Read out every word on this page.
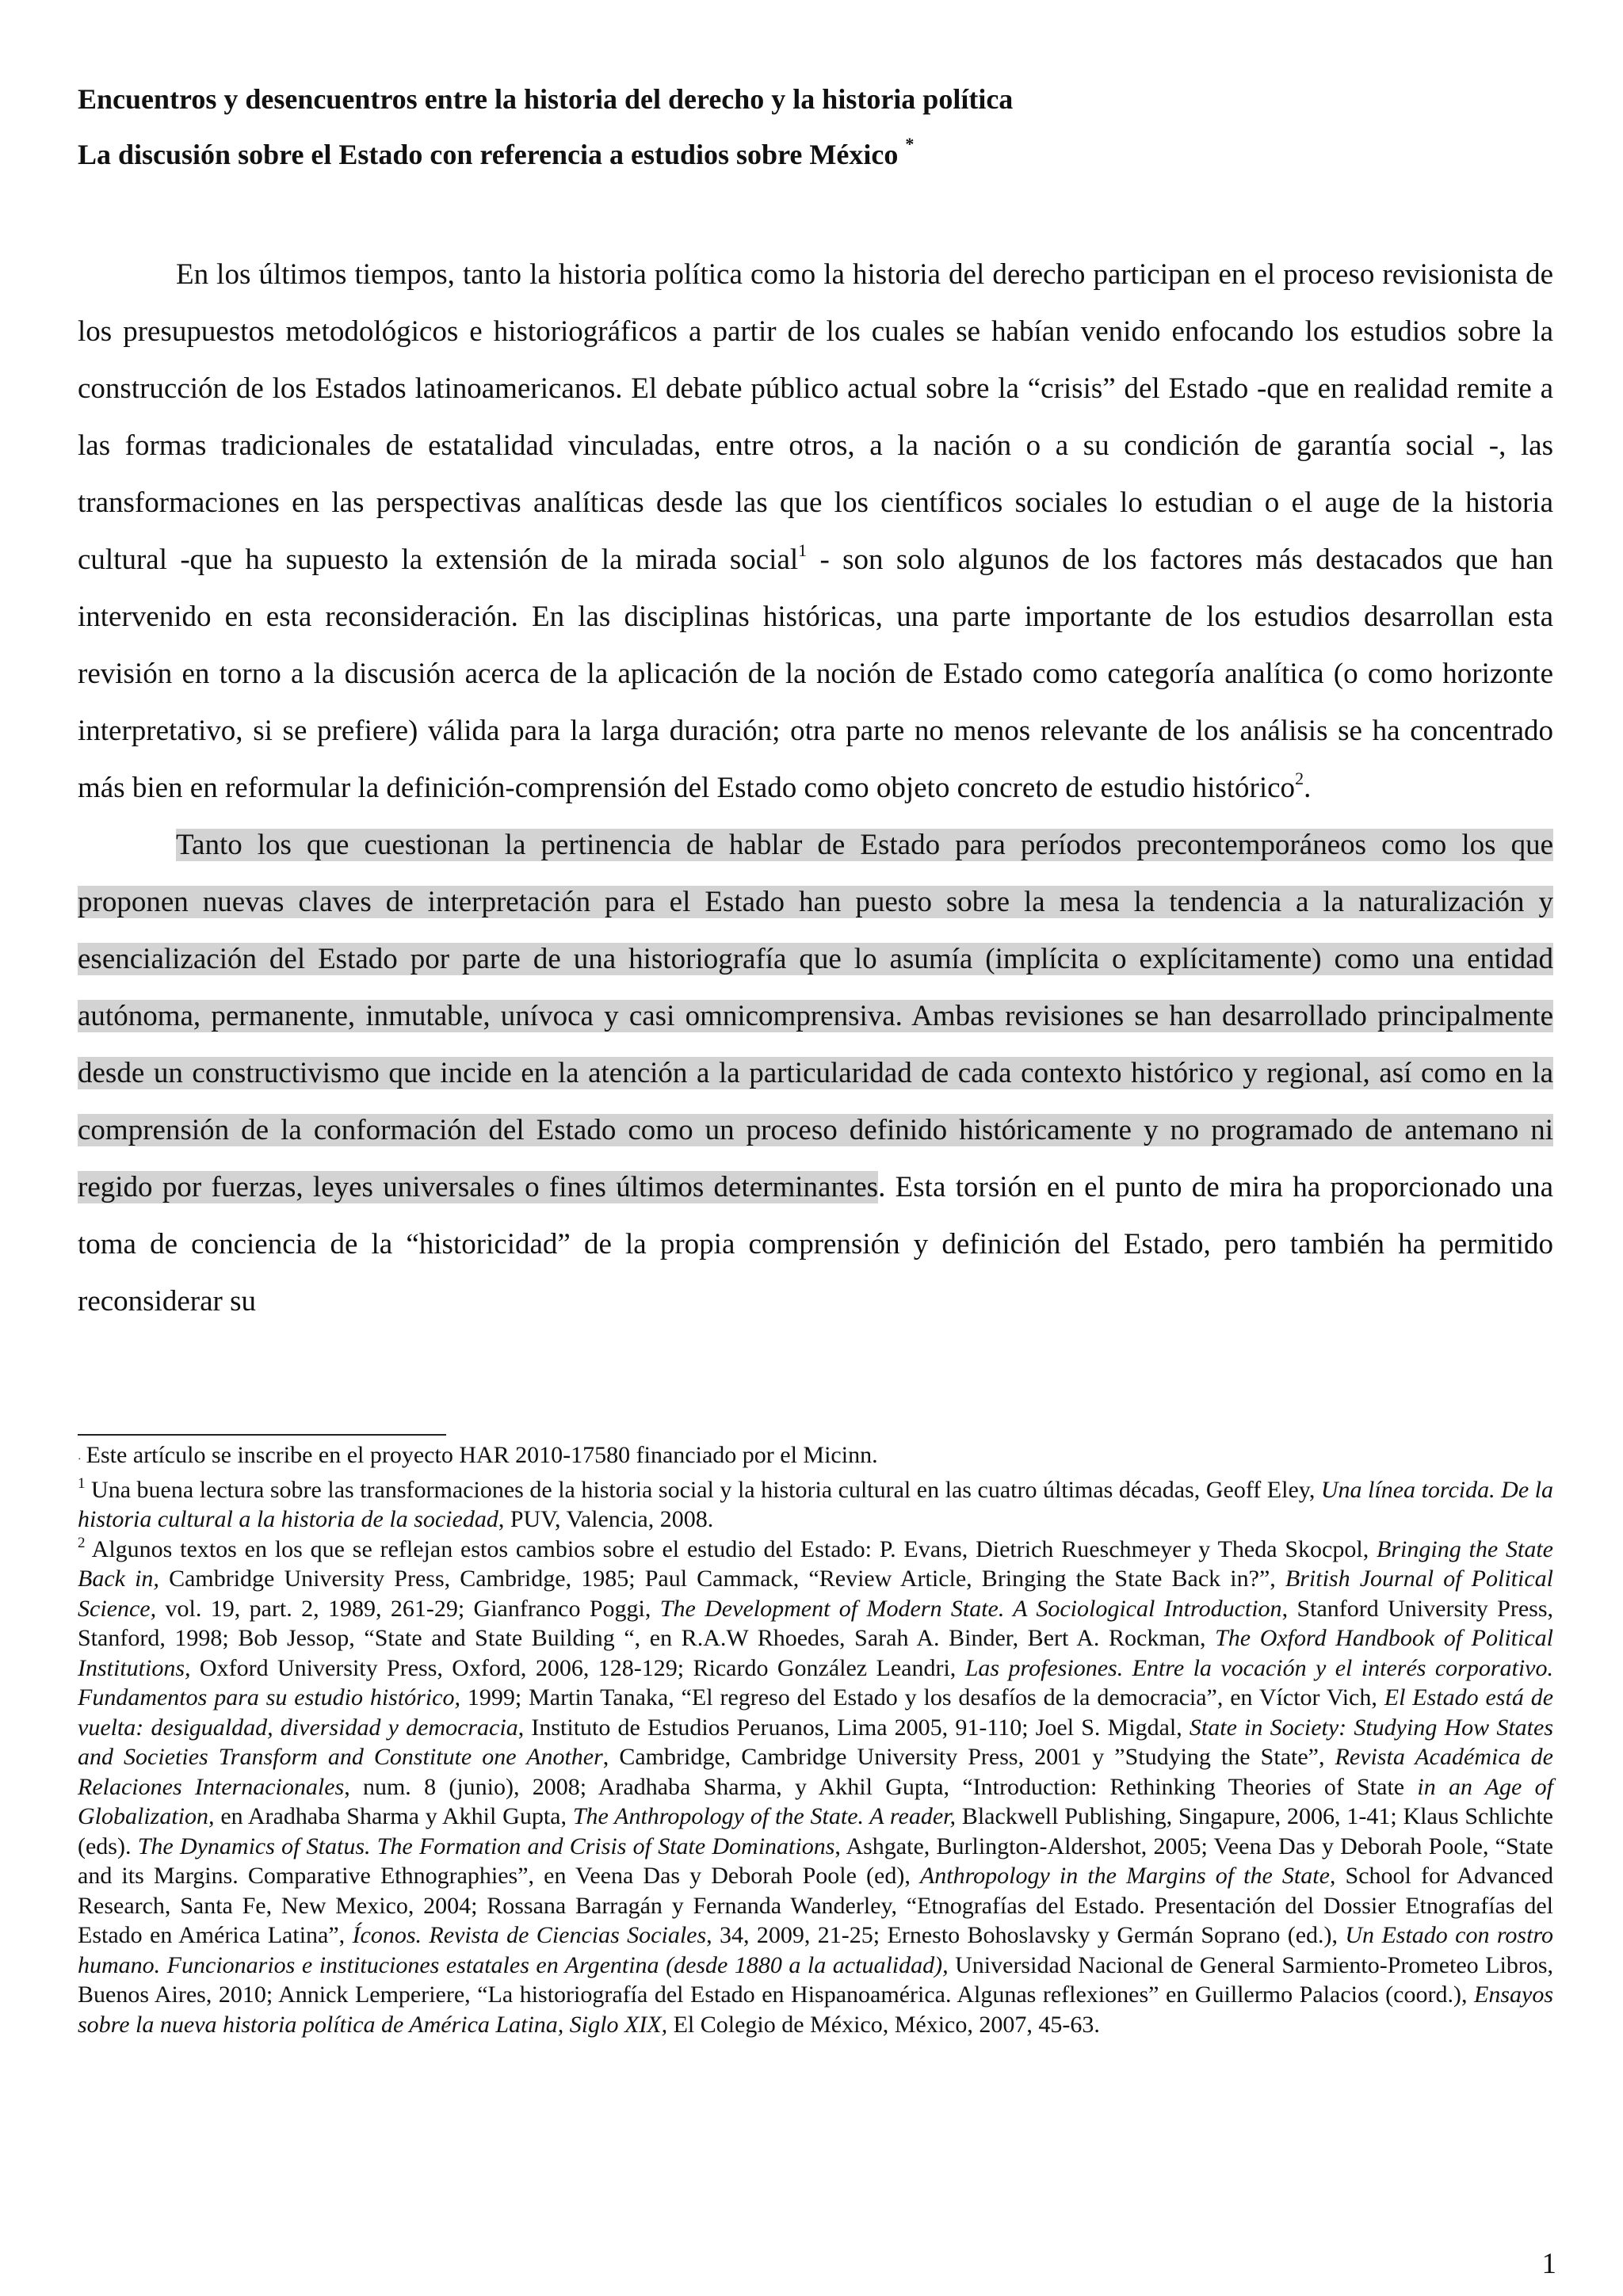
Encuentros y desencuentros entre la historia del derecho y la historia política
La discusión sobre el Estado con referencia a estudios sobre México *

En los últimos tiempos, tanto la historia política como la historia del derecho participan en el proceso revisionista de los presupuestos metodológicos e historiográficos a partir de los cuales se habían venido enfocando los estudios sobre la construcción de los Estados latinoamericanos. El debate público actual sobre la “crisis” del Estado -que en realidad remite a las formas tradicionales de estatalidad vinculadas, entre otros, a la nación o a su condición de garantía social -, las transformaciones en las perspectivas analíticas desde las que los científicos sociales lo estudian o el auge de la historia cultural -que ha supuesto la extensión de la mirada social$^1$ - son solo algunos de los factores más destacados que han intervenido en esta reconsideración. En las disciplinas históricas, una parte importante de los estudios desarrollan esta revisión en torno a la discusión acerca de la aplicación de la noción de Estado como categoría analítica (o como horizonte interpretativo, si se prefiere) válida para la larga duración; otra parte no menos relevante de los análisis se ha concentrado más bien en reformular la definición-comprensión del Estado como objeto concreto de estudio histórico$^2$.

Tanto los que cuestionan la pertinencia de hablar de Estado para períodos precontemporáneos como los que proponen nuevas claves de interpretación para el Estado han puesto sobre la mesa la tendencia a la naturalización y esencialización del Estado por parte de una historiografía que lo asumía (implícita o explícitamente) como una entidad autónoma, permanente, inmutable, unívoca y casi omnicomprensiva. Ambas revisiones se han desarrollado principalmente desde un constructivismo que incide en la atención a la particularidad de cada contexto histórico y regional, así como en la comprensión de la conformación del Estado como un proceso definido históricamente y no programado de antemano ni regido por fuerzas, leyes universales o fines últimos determinantes. Esta torsión en el punto de mira ha proporcionado una toma de conciencia de la “historicidad” de la propia comprensión y definición del Estado, pero también ha permitido reconsiderar su

· Este artículo se inscribe en el proyecto HAR 2010-17580 financiado por el Micinn.

$^1$ Una buena lectura sobre las transformaciones de la historia social y la historia cultural en las cuatro últimas décadas, Geoff Eley, Una línea torcida. De la historia cultural a la historia de la sociedad, PUV, Valencia, 2008.

$^2$ Algunos textos en los que se reflejan estos cambios sobre el estudio del Estado: P. Evans, Dietrich Rueschmeyer y Theda Skocpol, Bringing the State Back in, Cambridge University Press, Cambridge, 1985; Paul Cammack, “Review Article, Bringing the State Back in?”, British Journal of Political Science, vol. 19, part. 2, 1989, 261-29; Gianfranco Poggi, The Development of Modern State. A Sociological Introduction, Stanford University Press, Stanford, 1998; Bob Jessop, “State and State Building “, en R.A.W Rhoedes, Sarah A. Binder, Bert A. Rockman, The Oxford Handbook of Political Institutions, Oxford University Press, Oxford, 2006, 128-129; Ricardo González Leandri, Las profesiones. Entre la vocación y el interés corporativo. Fundamentos para su estudio histórico, 1999; Martin Tanaka, “El regreso del Estado y los desafíos de la democracia”, en Víctor Vich, El Estado está de vuelta: desigualdad, diversidad y democracia, Instituto de Estudios Peruanos, Lima 2005, 91-110; Joel S. Migdal, State in Society: Studying How States and Societies Transform and Constitute one Another, Cambridge, Cambridge University Press, 2001 y ”Studying the State”, Revista Académica de Relaciones Internacionales, num. 8 (junio), 2008; Aradhaba Sharma, y Akhil Gupta, “Introduction: Rethinking Theories of State in an Age of Globalization, en Aradhaba Sharma y Akhil Gupta, The Anthropology of the State. A reader, Blackwell Publishing, Singapure, 2006, 1-41; Klaus Schlichte (eds). The Dynamics of Status. The Formation and Crisis of State Dominations, Ashgate, Burlington-Aldershot, 2005; Veena Das y Deborah Poole, “State and its Margins. Comparative Ethnographies”, en Veena Das y Deborah Poole (ed), Anthropology in the Margins of the State, School for Advanced Research, Santa Fe, New Mexico, 2004; Rossana Barragán y Fernanda Wanderley, “Etnografías del Estado. Presentación del Dossier Etnografías del Estado en América Latina”, Íconos. Revista de Ciencias Sociales, 34, 2009, 21-25; Ernesto Bohoslavsky y Germán Soprano (ed.), Un Estado con rostro humano. Funcionarios e instituciones estatales en Argentina (desde 1880 a la actualidad), Universidad Nacional de General Sarmiento-Prometeo Libros, Buenos Aires, 2010; Annick Lemperiere, “La historiografía del Estado en Hispanoamérica. Algunas reflexiones” en Guillermo Palacios (coord.), Ensayos sobre la nueva historia política de América Latina, Siglo XIX, El Colegio de México, México, 2007, 45-63.

1
